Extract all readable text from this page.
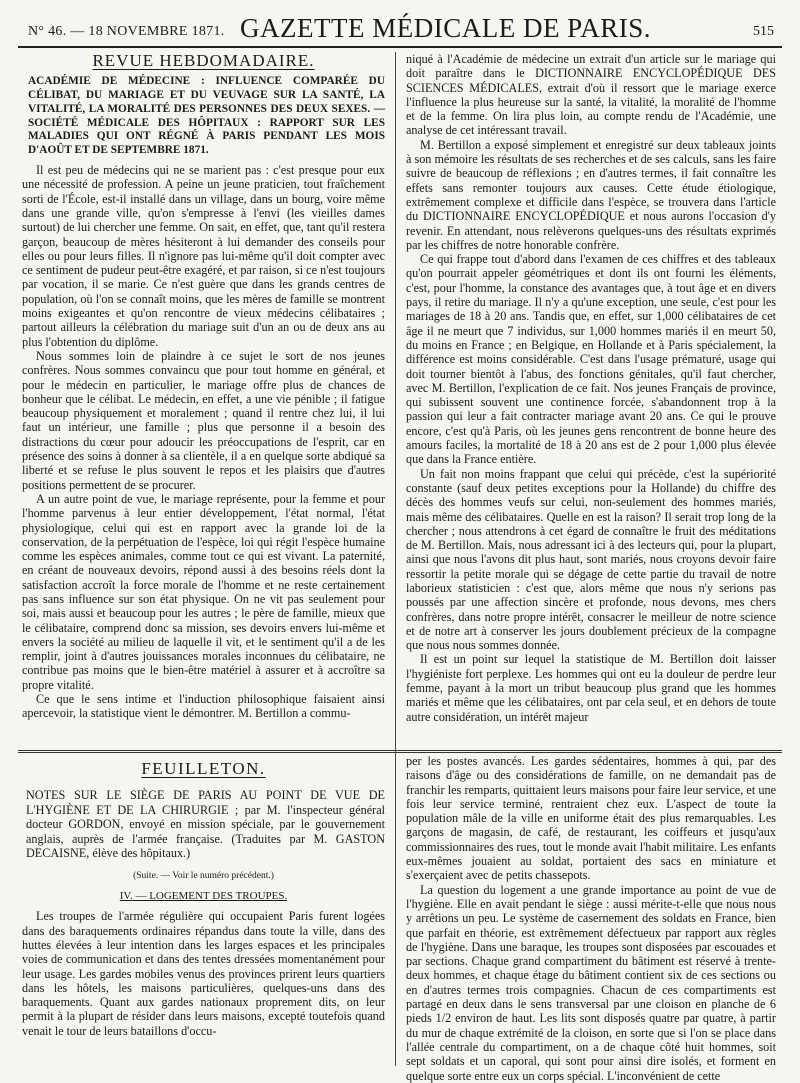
N° 46. — 18 NOVEMBRE 1871. GAZETTE MÉDICALE DE PARIS.	515
REVUE HEBDOMADAIRE.
ACADÉMIE DE MÉDECINE : INFLUENCE COMPARÉE DU CÉLIBAT, DU MARIAGE ET DU VEUVAGE SUR LA SANTÉ, LA VITALITÉ, LA MORALITÉ DES PERSONNES DES DEUX SEXES. — SOCIÉTÉ MÉDICALE DES HÔPITAUX : RAPPORT SUR LES MALADIES QUI ONT RÉGNÉ À PARIS PENDANT LES MOIS D'AOÛT ET DE SEPTEMBRE 1871.

Il est peu de médecins qui ne se marient pas : c'est presque pour eux une nécessité de profession. A peine un jeune praticien, tout fraîchement sorti de l'École, est-il installé dans un village, dans un bourg, voire même dans une grande ville, qu'on s'empresse à l'envi (les vieilles dames surtout) de lui chercher une femme. On sait, en effet, que, tant qu'il restera garçon, beaucoup de mères hésiteront à lui demander des conseils pour elles ou pour leurs filles. Il n'ignore pas lui-même qu'il doit compter avec ce sentiment de pudeur peut-être exagéré, et par raison, si ce n'est toujours par vocation, il se marie. Ce n'est guère que dans les grands centres de population, où l'on se connaît moins, que les mères de famille se montrent moins exigeantes et qu'on rencontre de vieux médecins célibataires ; partout ailleurs la célébration du mariage suit d'un an ou de deux ans au plus l'obtention du diplôme.

Nous sommes loin de plaindre à ce sujet le sort de nos jeunes confrères. Nous sommes convaincu que pour tout homme en général, et pour le médecin en particulier, le mariage offre plus de chances de bonheur que le célibat. Le médecin, en effet, a une vie pénible ; il fatigue beaucoup physiquement et moralement ; quand il rentre chez lui, il lui faut un intérieur, une famille ; plus que personne il a besoin des distractions du cœur pour adoucir les préoccupations de l'esprit, car en présence des soins à donner à sa clientèle, il a en quelque sorte abdiqué sa liberté et se refuse le plus souvent le repos et les plaisirs que d'autres positions permettent de se procurer.

A un autre point de vue, le mariage représente, pour la femme et pour l'homme parvenus à leur entier développement, l'état normal, l'état physiologique, celui qui est en rapport avec la grande loi de la conservation, de la perpétuation de l'espèce, loi qui régit l'espèce humaine comme les espèces animales, comme tout ce qui est vivant. La paternité, en créant de nouveaux devoirs, répond aussi à des besoins réels dont la satisfaction accroît la force morale de l'homme et ne reste certainement pas sans influence sur son état physique. On ne vit pas seulement pour soi, mais aussi et beaucoup pour les autres ; le père de famille, mieux que le célibataire, comprend donc sa mission, ses devoirs envers lui-même et envers la société au milieu de laquelle il vit, et le sentiment qu'il a de les remplir, joint à d'autres jouissances morales inconnues du célibataire, ne contribue pas moins que le bien-être matériel à assurer et à accroître sa propre vitalité.

Ce que le sens intime et l'induction philosophique faisaient ainsi apercevoir, la statistique vient le démontrer. M. Bertillon a commu-

niqué à l'Académie de médecine un extrait d'un article sur le mariage qui doit paraître dans le DICTIONNAIRE ENCYCLOPÉDIQUE DES SCIENCES MÉDICALES, extrait d'où il ressort que le mariage exerce l'influence la plus heureuse sur la santé, la vitalité, la moralité de l'homme et de la femme. On lira plus loin, au compte rendu de l'Académie, une analyse de cet intéressant travail.

M. Bertillon a exposé simplement et enregistré sur deux tableaux joints à son mémoire les résultats de ses recherches et de ses calculs, sans les faire suivre de beaucoup de réflexions ; en d'autres termes, il fait connaître les effets sans remonter toujours aux causes. Cette étude étiologique, extrêmement complexe et difficile dans l'espèce, se trouvera dans l'article du DICTIONNAIRE ENCYCLOPÉDIQUE et nous aurons l'occasion d'y revenir. En attendant, nous relèverons quelques-uns des résultats exprimés par les chiffres de notre honorable confrère.

Ce qui frappe tout d'abord dans l'examen de ces chiffres et des tableaux qu'on pourrait appeler géométriques et dont ils ont fourni les éléments, c'est, pour l'homme, la constance des avantages que, à tout âge et en divers pays, il retire du mariage. Il n'y a qu'une exception, une seule, c'est pour les mariages de 18 à 20 ans. Tandis que, en effet, sur 1,000 célibataires de cet âge il ne meurt que 7 individus, sur 1,000 hommes mariés il en meurt 50, du moins en France ; en Belgique, en Hollande et à Paris spécialement, la différence est moins considérable. C'est dans l'usage prématuré, usage qui doit tourner bientôt à l'abus, des fonctions génitales, qu'il faut chercher, avec M. Bertillon, l'explication de ce fait. Nos jeunes Français de province, qui subissent souvent une continence forcée, s'abandonnent trop à la passion qui leur a fait contracter mariage avant 20 ans. Ce qui le prouve encore, c'est qu'à Paris, où les jeunes gens rencontrent de bonne heure des amours faciles, la mortalité de 18 à 20 ans est de 2 pour 1,000 plus élevée que dans la France entière.

Un fait non moins frappant que celui qui précède, c'est la supériorité constante (sauf deux petites exceptions pour la Hollande) du chiffre des décès des hommes veufs sur celui, non-seulement des hommes mariés, mais même des célibataires. Quelle en est la raison? Il serait trop long de la chercher ; nous attendrons à cet égard de connaître le fruit des méditations de M. Bertillon. Mais, nous adressant ici à des lecteurs qui, pour la plupart, ainsi que nous l'avons dit plus haut, sont mariés, nous croyons devoir faire ressortir la petite morale qui se dégage de cette partie du travail de notre laborieux statisticien : c'est que, alors même que nous n'y serions pas poussés par une affection sincère et profonde, nous devons, mes chers confrères, dans notre propre intérêt, consacrer le meilleur de notre science et de notre art à conserver les jours doublement précieux de la compagne que nous nous sommes donnée.

Il est un point sur lequel la statistique de M. Bertillon doit laisser l'hygiéniste fort perplexe. Les hommes qui ont eu la douleur de perdre leur femme, payant à la mort un tribut beaucoup plus grand que les hommes mariés et même que les célibataires, ont par cela seul, et en dehors de toute autre considération, un intérêt majeur

FEUILLETON.
NOTES SUR LE SIÈGE DE PARIS AU POINT DE VUE DE L'HYGIÈNE ET DE LA CHIRURGIE ; par M. l'inspecteur général docteur GORDON, envoyé en mission spéciale, par le gouvernement anglais, auprès de l'armée française. (Traduites par M. GASTON DECAISNE, élève des hôpitaux.)
(Suite. — Voir le numéro précédent.)
IV. — LOGEMENT DES TROUPES.

Les troupes de l'armée régulière qui occupaient Paris furent logées dans des baraquements ordinaires répandus dans toute la ville, dans des huttes élevées à leur intention dans les larges espaces et les principales voies de communication et dans des tentes dressées momentanément pour leur usage. Les gardes mobiles venus des provinces prirent leurs quartiers dans les hôtels, les maisons particulières, quelques-uns dans des baraquements. Quant aux gardes nationaux proprement dits, on leur permit à la plupart de résider dans leurs maisons, excepté toutefois quand venait le tour de leurs bataillons d'occu-

per les postes avancés. Les gardes sédentaires, hommes à qui, par des raisons d'âge ou des considérations de famille, on ne demandait pas de franchir les remparts, quittaient leurs maisons pour faire leur service, et une fois leur service terminé, rentraient chez eux. L'aspect de toute la population mâle de la ville en uniforme était des plus remarquables. Les garçons de magasin, de café, de restaurant, les coiffeurs et jusqu'aux commissionnaires des rues, tout le monde avait l'habit militaire. Les enfants eux-mêmes jouaient au soldat, portaient des sacs en miniature et s'exerçaient avec de petits chassepots.

La question du logement a une grande importance au point de vue de l'hygiène. Elle en avait pendant le siège : aussi mérite-t-elle que nous nous y arrêtions un peu. Le système de casernement des soldats en France, bien que parfait en théorie, est extrêmement défectueux par rapport aux règles de l'hygiène. Dans une baraque, les troupes sont disposées par escouades et par sections. Chaque grand compartiment du bâtiment est réservé à trente-deux hommes, et chaque étage du bâtiment contient six de ces sections ou en d'autres termes trois compagnies. Chacun de ces compartiments est partagé en deux dans le sens transversal par une cloison en planche de 6 pieds 1/2 environ de haut. Les lits sont disposés quatre par quatre, à partir du mur de chaque extrémité de la cloison, en sorte que si l'on se place dans l'allée centrale du compartiment, on a de chaque côté huit hommes, soit sept soldats et un caporal, qui sont pour ainsi dire isolés, et forment en quelque sorte entre eux un corps spécial. L'inconvénient de cette
